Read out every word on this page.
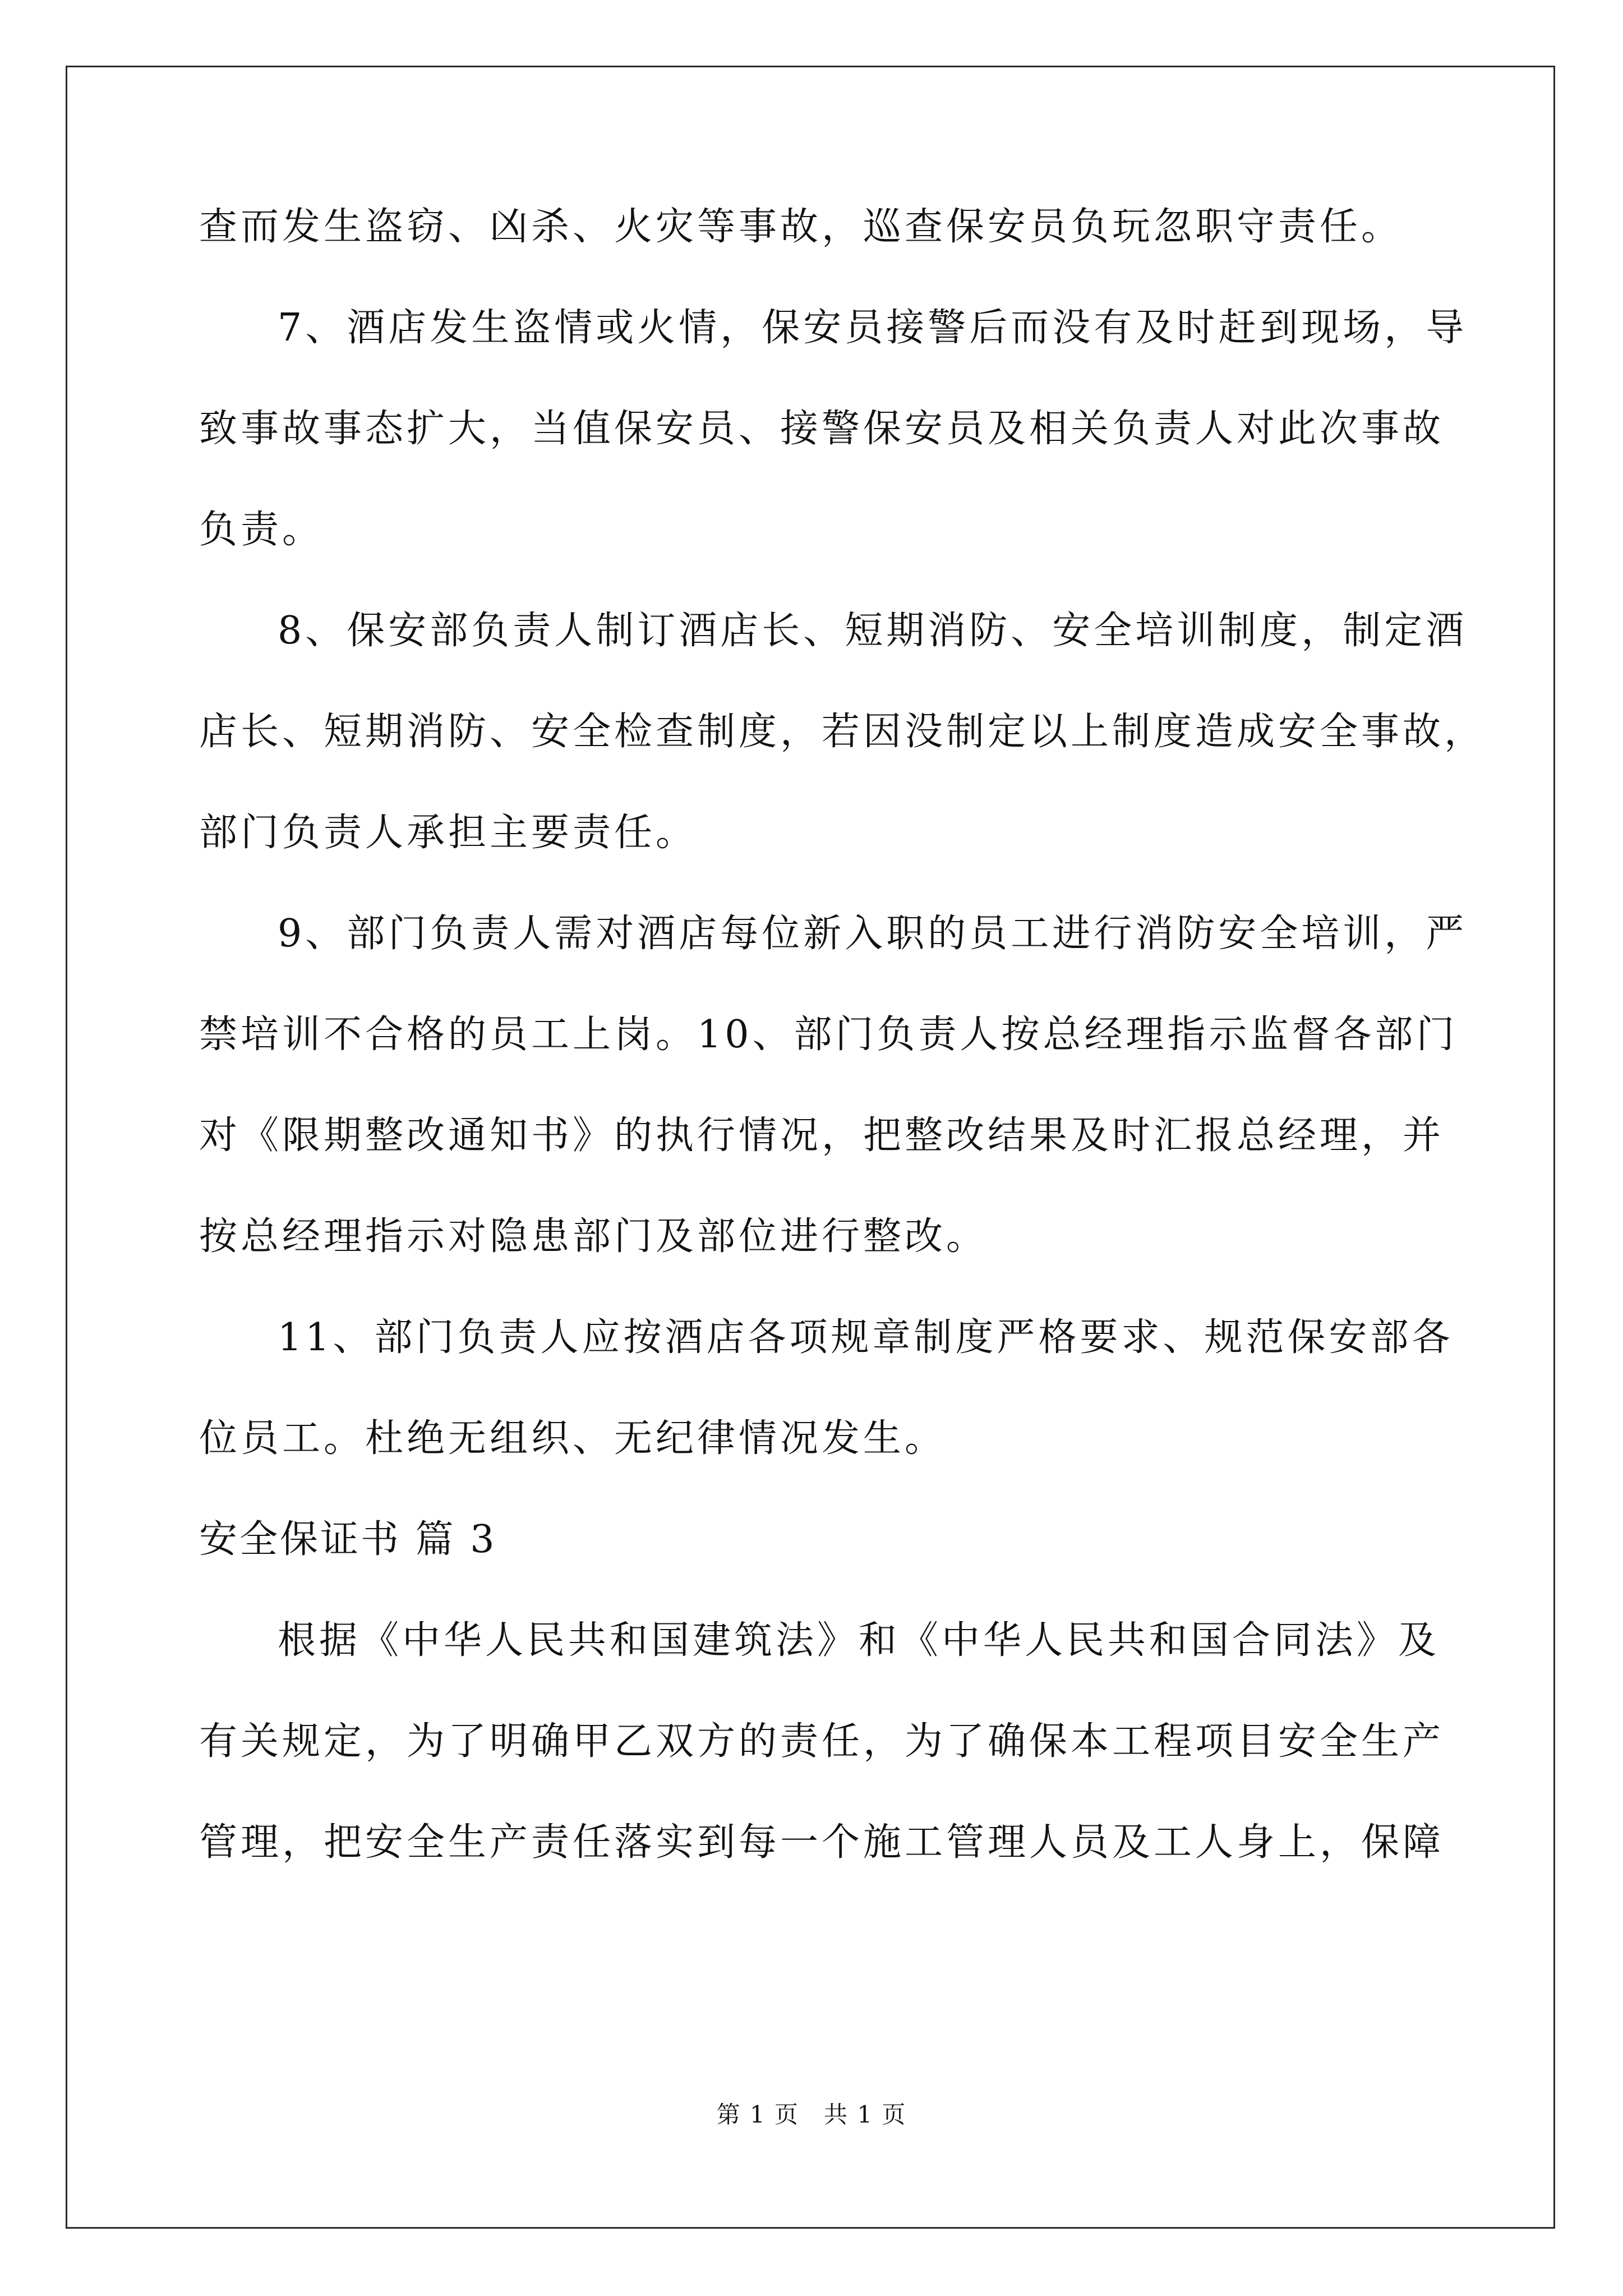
查而发生盗窃、凶杀、火灾等事故，巡查保安员负玩忽职守责任。
7、酒店发生盗情或火情，保安员接警后而没有及时赶到现场，导
致事故事态扩大，当值保安员、接警保安员及相关负责人对此次事故
负责。
8、保安部负责人制订酒店长、短期消防、安全培训制度，制定酒
店长、短期消防、安全检查制度，若因没制定以上制度造成安全事故，
部门负责人承担主要责任。
9、部门负责人需对酒店每位新入职的员工进行消防安全培训，严
禁培训不合格的员工上岗。10、部门负责人按总经理指示监督各部门
对《限期整改通知书》的执行情况，把整改结果及时汇报总经理，并
按总经理指示对隐患部门及部位进行整改。
11、部门负责人应按酒店各项规章制度严格要求、规范保安部各
位员工。杜绝无组织、无纪律情况发生。
安全保证书 篇 3
根据《中华人民共和国建筑法》和《中华人民共和国合同法》及
有关规定，为了明确甲乙双方的责任，为了确保本工程项目安全生产
管理，把安全生产责任落实到每一个施工管理人员及工人身上，保障
第 1 页　共 1 页
